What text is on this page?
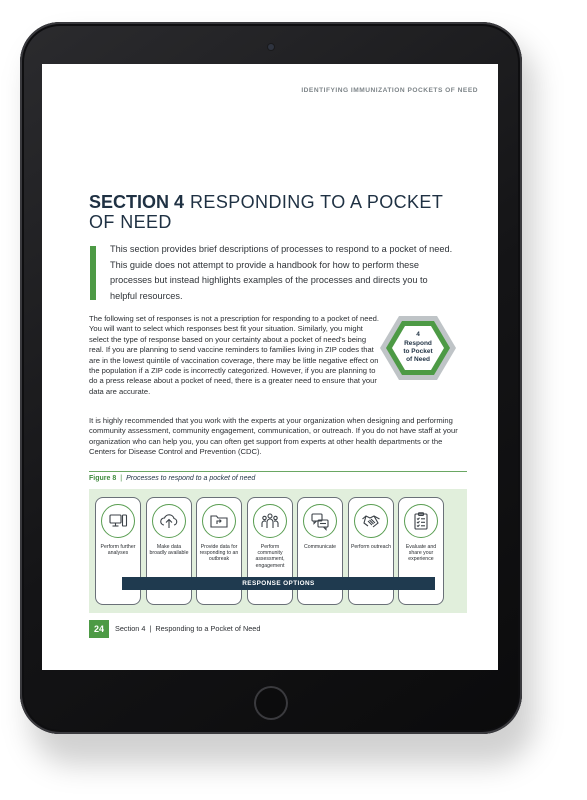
IDENTIFYING IMMUNIZATION POCKETS OF NEED
SECTION 4 RESPONDING TO A POCKET OF NEED
This section provides brief descriptions of processes to respond to a pocket of need. This guide does not attempt to provide a handbook for how to perform these processes but instead highlights examples of the processes and directs you to helpful resources.
The following set of responses is not a prescription for responding to a pocket of need. You will want to select which responses best fit your situation. Similarly, you might select the type of response based on your certainty about a pocket of need's being real. If you are planning to send vaccine reminders to families living in ZIP codes that are in the lowest quintile of vaccination coverage, there may be little negative effect on the population if a ZIP code is incorrectly categorized. However, if you are planning to do a press release about a pocket of need, there is a greater need to ensure that your data are accurate.
4
Respond
to Pocket
of Need
It is highly recommended that you work with the experts at your organization when designing and performing community assessment, community engagement, communication, or outreach. If you do not have staff at your organization who can help you, you can often get support from experts at other health departments or the Centers for Disease Control and Prevention (CDC).
Figure 8 | Processes to respond to a pocket of need
Perform further analyses
Make data broadly available
Provide data for responding to an outbreak
Perform community assessment, engagement
Communicate	Perform outreach	Evaluate and share your experience
RESPONSE OPTIONS
24	Section 4 | Responding to a Pocket of Need
